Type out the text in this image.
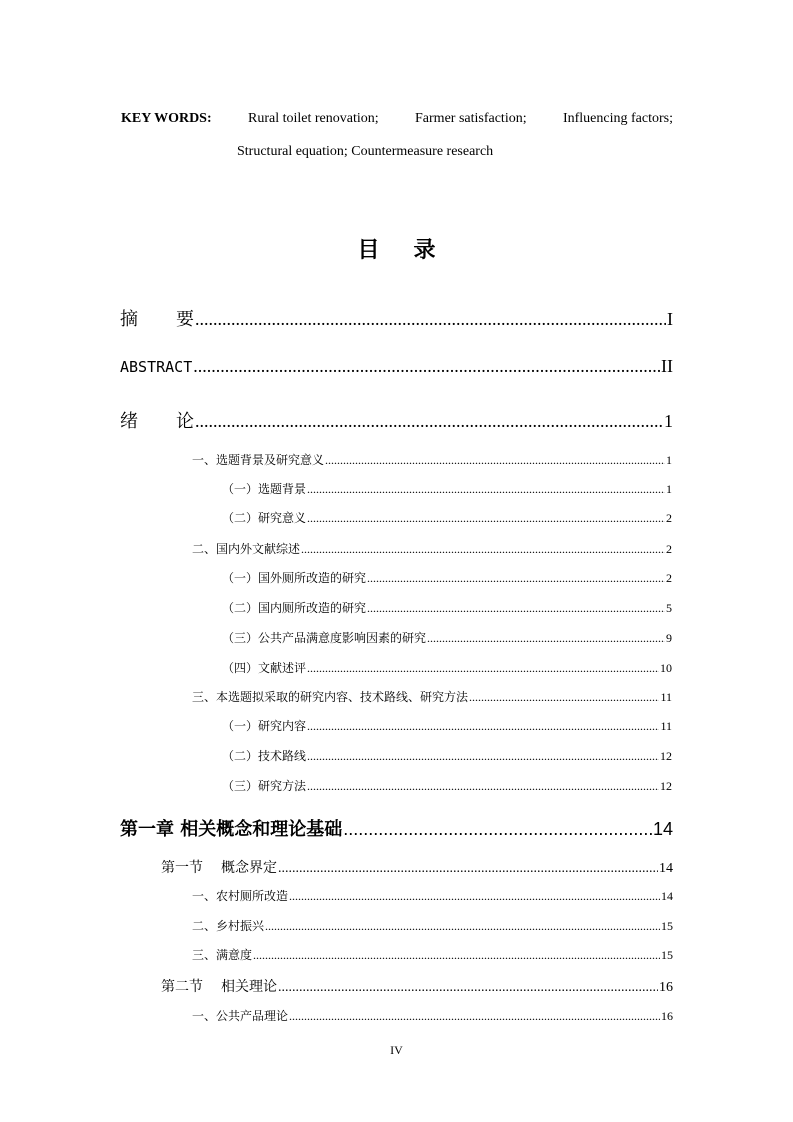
KEY WORDS:	Rural toilet renovation;	Farmer satisfaction;	Influencing factors;
Structural equation; Countermeasure research
目 录
摘 要 .....	I
ABSTRACT .....	II
绪 论 .....	1
一、选题背景及研究意义 .....	1
（一）选题背景 .....	1
（二）研究意义 .....	2
二、国内外文献综述 .....	2
（一）国外厕所改造的研究 .....	2
（二）国内厕所改造的研究 .....	5
（三）公共产品满意度影响因素的研究 .....	9
（四）文献述评 .....	10
三、本选题拟采取的研究内容、技术路线、研究方法 .....	11
（一）研究内容 .....	11
（二）技术路线 .....	12
（三）研究方法 .....	12
第一章 相关概念和理论基础 .....	14
第一节 概念界定 .....	14
一、农村厕所改造 .....	14
二、乡村振兴 .....	15
三、满意度 .....	15
第二节 相关理论 .....	16
一、公共产品理论 .....	16
IV
